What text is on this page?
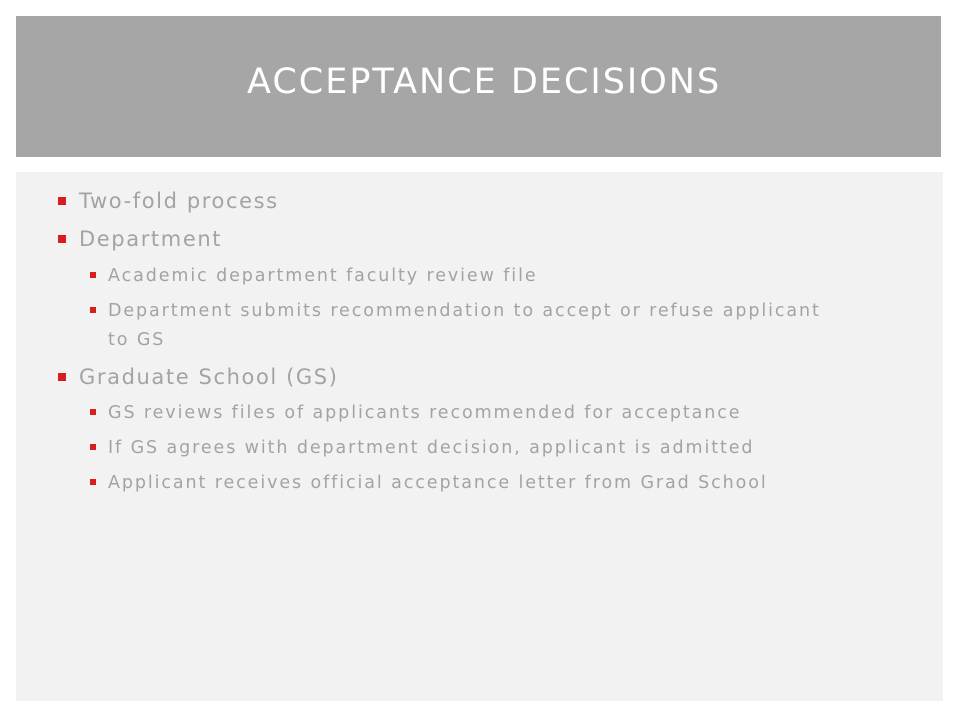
ACCEPTANCE DECISIONS
Two-fold process
Department
Academic department faculty review file
Department submits recommendation to accept or refuse applicant
to GS
Graduate School (GS)
GS reviews files of applicants recommended for acceptance
If GS agrees with department decision, applicant is admitted
Applicant receives official acceptance letter from Grad School
